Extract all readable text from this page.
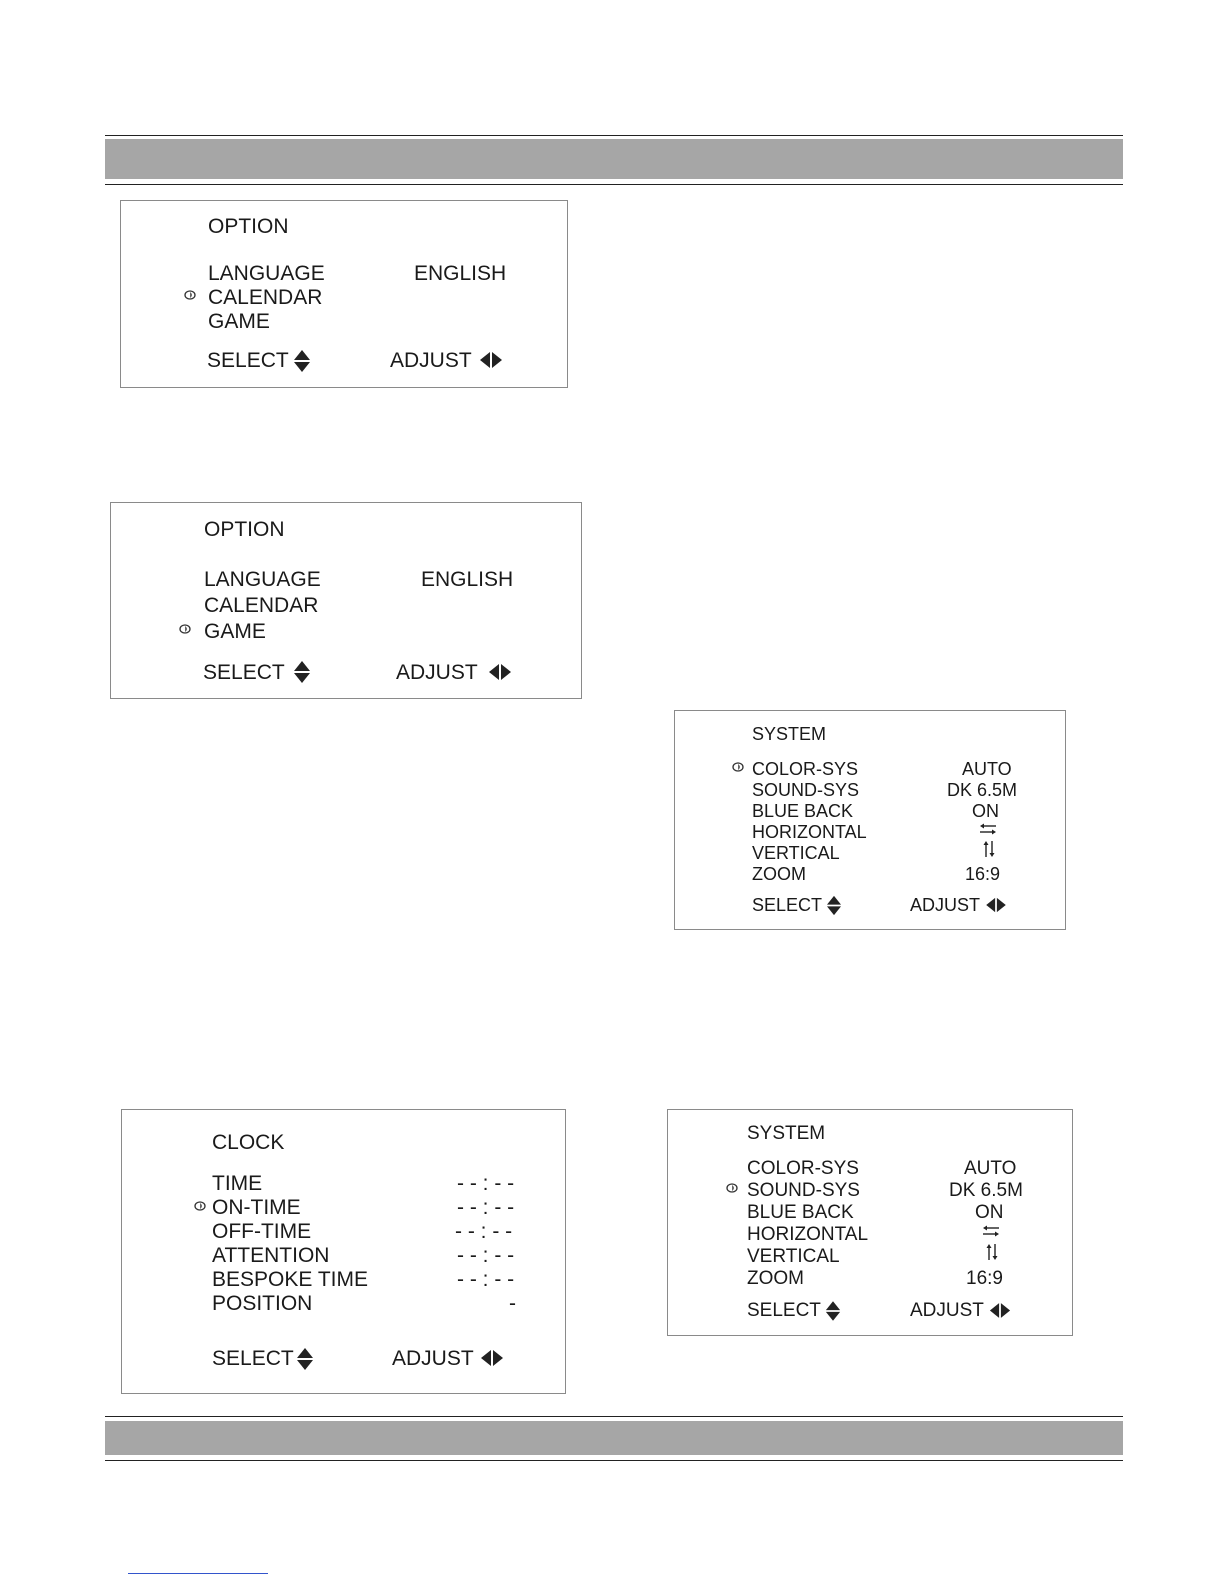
OPTION
LANGUAGE	ENGLISH
CALENDAR
GAME
SELECT	ADJUST
OPTION
LANGUAGE	ENGLISH
CALENDAR
GAME
SELECT	ADJUST
SYSTEM
COLOR-SYS	AUTO
SOUND-SYS	DK 6.5M
BLUE BACK	ON
HORIZONTAL
VERTICAL
ZOOM	16:9
SELECT	ADJUST
CLOCK
TIME	- - : - -
ON-TIME	- - : - -
OFF-TIME	- - : - -
ATTENTION	- - : - -
BESPOKE TIME	- - : - -
POSITION	-
SELECT	ADJUST
SYSTEM
COLOR-SYS	AUTO
SOUND-SYS	DK 6.5M
BLUE BACK	ON
HORIZONTAL
VERTICAL
ZOOM	16:9
SELECT	ADJUST
